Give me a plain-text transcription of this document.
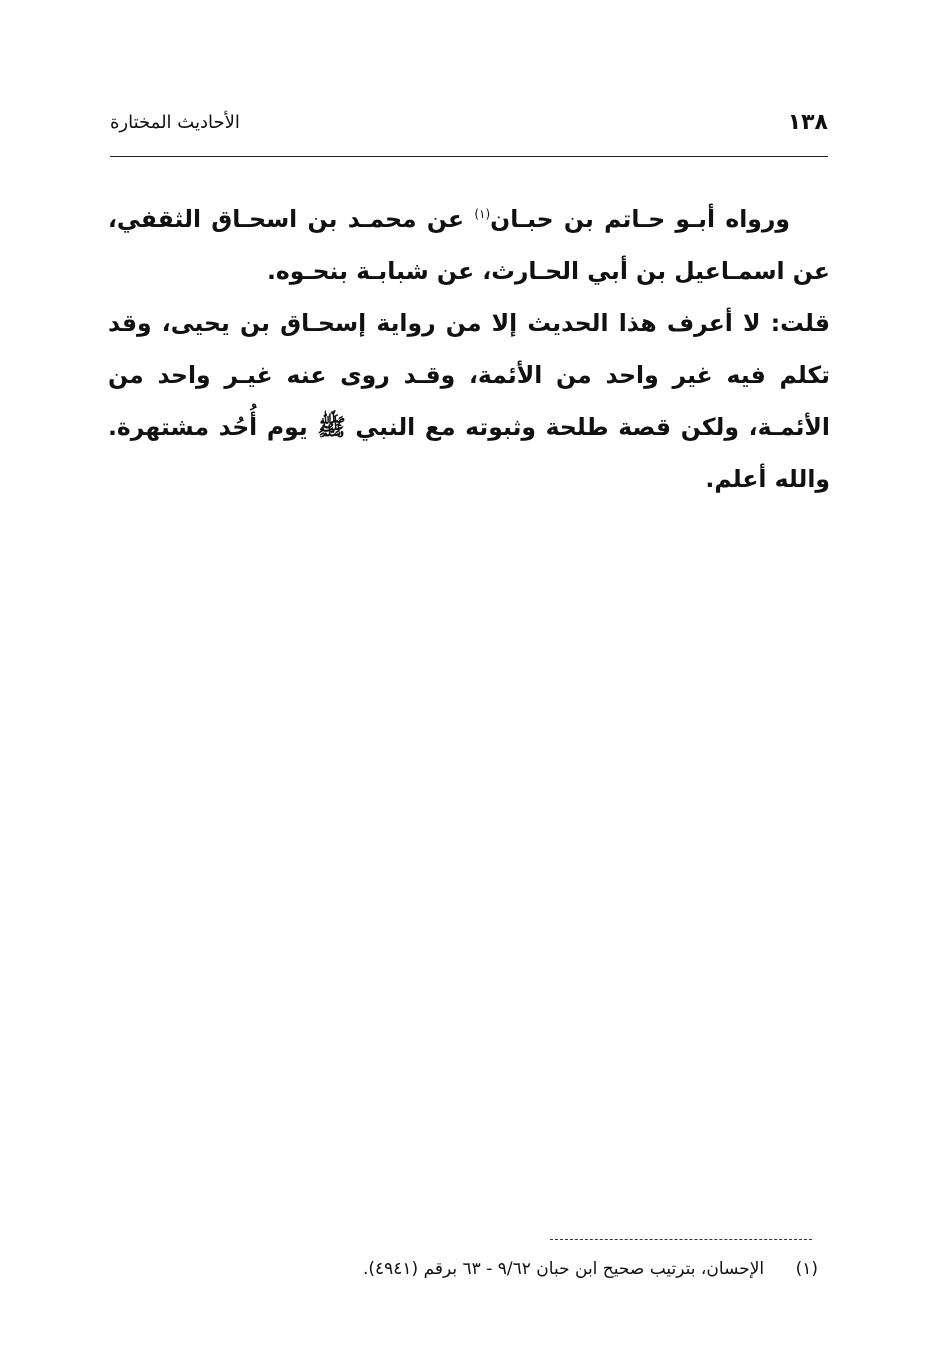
١٣٨
الأحاديث المختارة

ورواه أبـو حـاتم بن حبـان$^{(١)}$ عن محمـد بن اسحـاق الثقفي، عن اسمـاعيل بن أبي الحـارث، عن شبابـة بنحـوه.

قلت: لا أعرف هذا الحديث إلا من رواية إسحـاق بن يحيى، وقد تكلم فيه غير واحد من الأئمة، وقـد روى عنه غيـر واحد من الأئمـة، ولكن قصة طلحة وثبوته مع النبي ﷺ يوم أُحُد مشتهرة. والله أعلم.

(١) الإحسان، بترتيب صحيح ابن حبان ٩/٦٢ - ٦٣ برقم (٤٩٤١).
